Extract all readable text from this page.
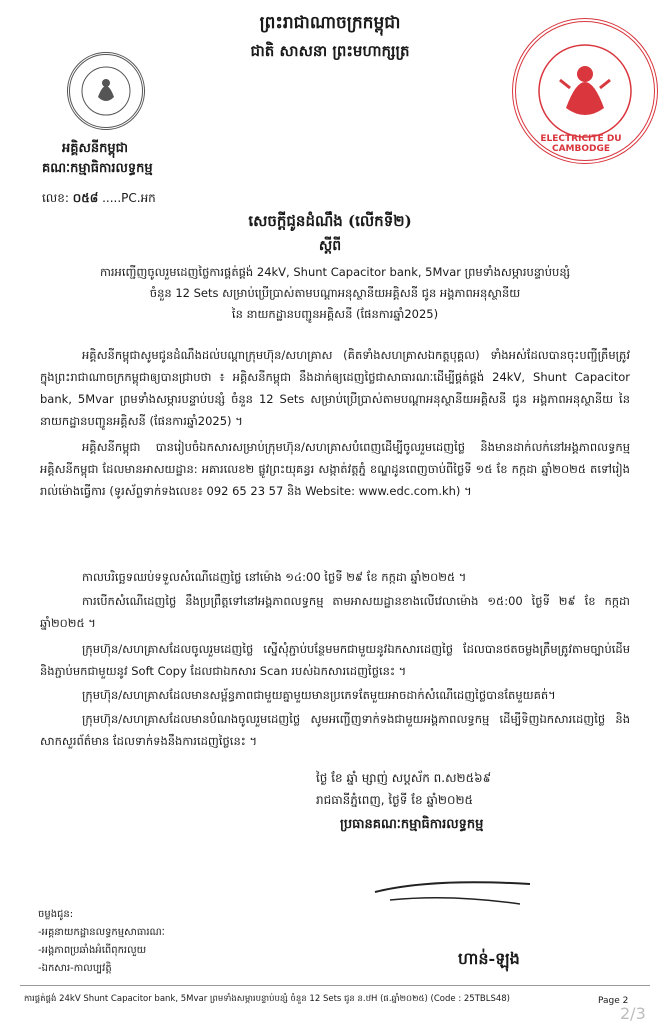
ព្រះរាជាណាចក្រកម្ពុជា
ជាតិ សាសនា ព្រះមហាក្សត្រ
ELECTRICITE DU CAMBODGE
អគ្គិសនីកម្ពុជា
គណៈកម្មាធិការលទ្ធកម្ម
លេខ: ០៥៨ .....PC.អក
សេចក្តីជូនដំណឹង (លើកទី២)
ស្តីពី
ការអញ្ជើញចូលរួមដេញថ្លៃការផ្គត់ផ្គង់ 24kV, Shunt Capacitor bank, 5Mvar ព្រមទាំងសម្ភារបន្ទាប់បន្សំ
ចំនួន 12 Sets សម្រាប់ប្រើប្រាស់តាមបណ្តាអនុស្ថានីយអគ្គិសនី ជូន អង្គភាពអនុស្ថានីយ
នៃ នាយកដ្ឋានបញ្ជូនអគ្គិសនី (ផែនការឆ្នាំ2025)
អគ្គិសនីកម្ពុជាសូមជូនដំណឹងដល់បណ្តាក្រុមហ៊ុន/សហគ្រាស (គិតទាំងសហគ្រាសឯកត្តបុគ្គល) ទាំងអស់ដែលបានចុះបញ្ជីត្រឹមត្រូវក្នុងព្រះរាជាណាចក្រកម្ពុជាឲ្យបានជ្រាបថា ៖ អគ្គិសនីកម្ពុជា នឹងដាក់ឲ្យដេញថ្លៃជាសាធារណៈដើម្បីផ្គត់ផ្គង់ 24kV, Shunt Capacitor bank, 5Mvar ព្រមទាំងសម្ភារបន្ទាប់បន្សំ ចំនួន 12 Sets សម្រាប់ប្រើប្រាស់តាមបណ្តាអនុស្ថានីយអគ្គិសនី ជូន អង្គភាពអនុស្ថានីយ នៃ នាយកដ្ឋានបញ្ជូនអគ្គិសនី (ផែនការឆ្នាំ2025) ។
អគ្គិសនីកម្ពុជា បានរៀបចំឯកសារសម្រាប់ក្រុមហ៊ុន/សហគ្រាសបំពេញដើម្បីចូលរួមដេញថ្លៃ និងមានដាក់លក់នៅអង្គភាពលទ្ធកម្មអគ្គិសនីកម្ពុជា ដែលមានអាសយដ្ឋាន: អគារលេខ២ ផ្លូវព្រះយុគន្ធរ សង្កាត់វត្តភ្នំ ខណ្ឌដូនពេញចាប់ពីថ្ងៃទី ១៥ ខែ កក្កដា ឆ្នាំ២០២៥ តទៅរៀងរាល់ម៉ោងធ្វើការ (ទូរស័ព្ទទាក់ទងលេខ៖ 092 65 23 57 និង Website: www.edc.com.kh) ។
កាលបរិច្ឆេទឈប់ទទួលសំណើដេញថ្លៃ នៅម៉ោង ១៤:00 ថ្ងៃទី ២៩ ខែ កក្កដា ឆ្នាំ២០២៥ ។
ការបើកសំណើដេញថ្លៃ នឹងប្រព្រឹត្តទៅនៅអង្គភាពលទ្ធកម្ម តាមអាសយដ្ឋានខាងលើវេលាម៉ោង ១៥:00 ថ្ងៃទី ២៩ ខែ កក្កដា ឆ្នាំ២០២៥ ។
ក្រុមហ៊ុន/សហគ្រាសដែលចូលរួមដេញថ្លៃ ស្នើសុំភ្ជាប់បន្ថែមមកជាមួយនូវឯកសារដេញថ្លៃ ដែលបានថតចម្លងត្រឹមត្រូវតាមច្បាប់ដើម និងភ្ជាប់មកជាមួយនូវ Soft Copy ដែលជាឯកសារ Scan របស់ឯកសារដេញថ្លៃនេះ ។
ក្រុមហ៊ុន/សហគ្រាសដែលមានសម្ព័ន្ធភាពជាមួយគ្នាមួយមានប្រភេទតែមួយអាចដាក់សំណើដេញថ្លៃបានតែមួយគត់។
ក្រុមហ៊ុន/សហគ្រាសដែលមានបំណងចូលរួមដេញថ្លៃ សូមអញ្ជើញទាក់ទងជាមួយអង្គភាពលទ្ធកម្ម ដើម្បីទិញឯកសារដេញថ្លៃ និងសាកសួរព័ត៌មាន ដែលទាក់ទងនឹងការដេញថ្លៃនេះ ។
ថ្ងៃ ខែ ឆ្នាំ ម្សាញ់ សប្តស័ក ព.ស២៥៦៩
រាជធានីភ្នំពេញ, ថ្ងៃទី ខែ ឆ្នាំ២០២៥
ប្រធានគណៈកម្មាធិការលទ្ធកម្ម
ហាន់-ឡុង
ចម្លងជូន:
-អគ្គនាយកដ្ឋានលទ្ធកម្មសាធារណៈ
-អង្គភាពប្រឆាំងអំពើពុករលួយ
-ឯកសារ-កាលប្បវត្តិ
ការផ្គត់ផ្គង់ 24kV Shunt Capacitor bank, 5Mvar ព្រមទាំងសម្ភារបន្ទាប់បន្សំ ចំនួន 12 Sets ជូន ន.ឋH (ផ.ឆ្នាំ២០២៥) (Code : 25TBLS48)	Page 2
2/3
